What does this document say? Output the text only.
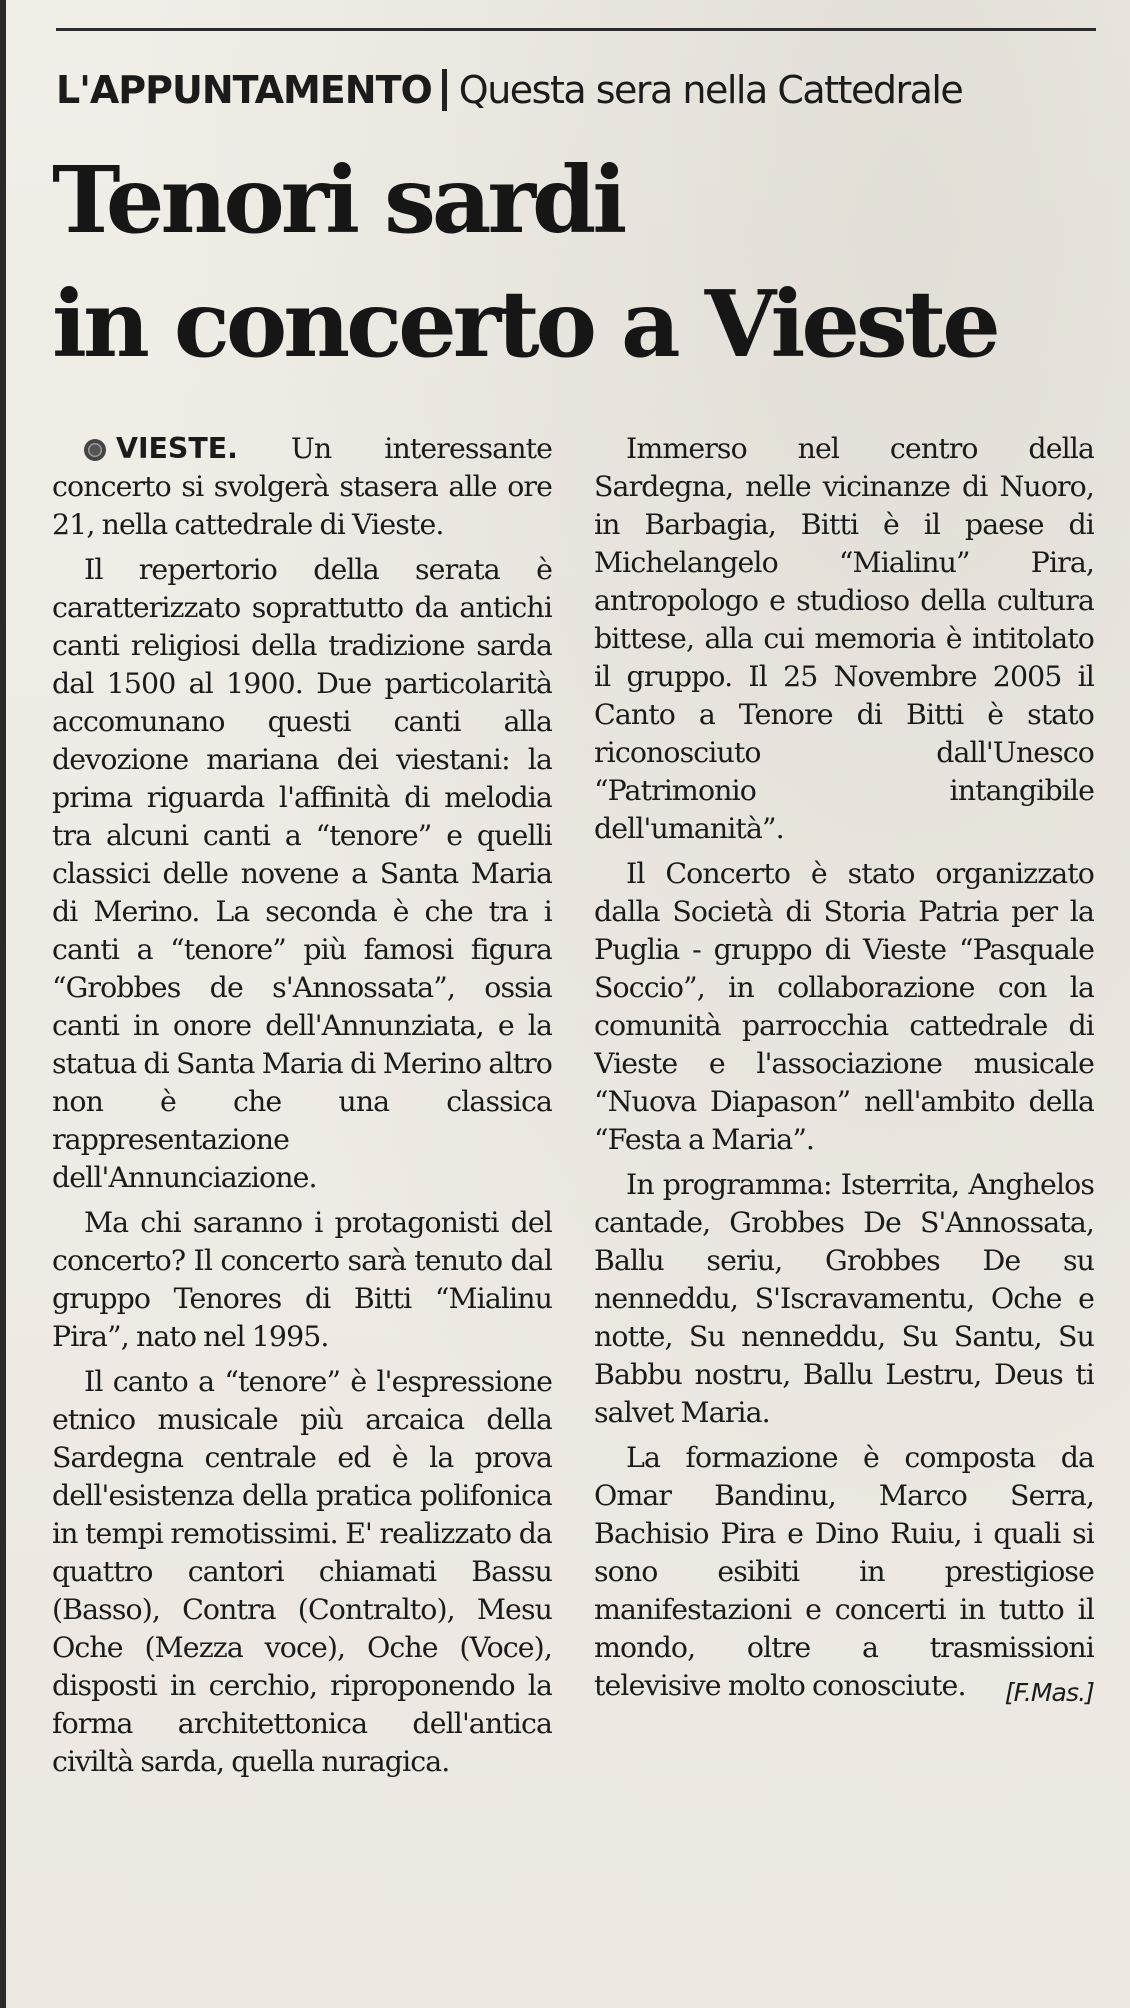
L'APPUNTAMENTO Questa sera nella Cattedrale
Tenori sardi
in concerto a Vieste

VIESTE. Un interessante concerto si svolgerà stasera alle ore 21, nella cattedrale di Vieste.

Il repertorio della serata è caratterizzato soprattutto da antichi canti religiosi della tradizione sarda dal 1500 al 1900. Due particolarità accomunano questi canti alla devozione mariana dei viestani: la prima riguarda l'affinità di melodia tra alcuni canti a “tenore” e quelli classici delle novene a Santa Maria di Merino. La seconda è che tra i canti a “tenore” più famosi figura “Grobbes de s'Annossata”, ossia canti in onore dell'Annunziata, e la statua di Santa Maria di Merino altro non è che una classica rappresentazione dell'Annunciazione.

Ma chi saranno i protagonisti del concerto? Il concerto sarà tenuto dal gruppo Tenores di Bitti “Mialinu Pira”, nato nel 1995.

Il canto a “tenore” è l'espressione etnico musicale più arcaica della Sardegna centrale ed è la prova dell'esistenza della pratica polifonica in tempi remotissimi. E' realizzato da quattro cantori chiamati Bassu (Basso), Contra (Contralto), Mesu Oche (Mezza voce), Oche (Voce), disposti in cerchio, riproponendo la forma architettonica dell'antica civiltà sarda, quella nuragica.

Immerso nel centro della Sardegna, nelle vicinanze di Nuoro, in Barbagia, Bitti è il paese di Michelangelo “Mialinu” Pira, antropologo e studioso della cultura bittese, alla cui memoria è intitolato il gruppo. Il 25 Novembre 2005 il Canto a Tenore di Bitti è stato riconosciuto dall'Unesco “Patrimonio intangibile dell'umanità”.

Il Concerto è stato organizzato dalla Società di Storia Patria per la Puglia - gruppo di Vieste “Pasquale Soccio”, in collaborazione con la comunità parrocchia cattedrale di Vieste e l'associazione musicale “Nuova Diapason” nell'ambito della “Festa a Maria”.

In programma: Isterrita, Anghelos cantade, Grobbes De S'Annossata, Ballu seriu, Grobbes De su nenneddu, S'Iscravamentu, Oche e notte, Su nenneddu, Su Santu, Su Babbu nostru, Ballu Lestru, Deus ti salvet Maria.

La formazione è composta da Omar Bandinu, Marco Serra, Bachisio Pira e Dino Ruiu, i quali si sono esibiti in prestigiose manifestazioni e concerti in tutto il mondo, oltre a trasmissioni televisive molto conosciute.	[F.Mas.]
